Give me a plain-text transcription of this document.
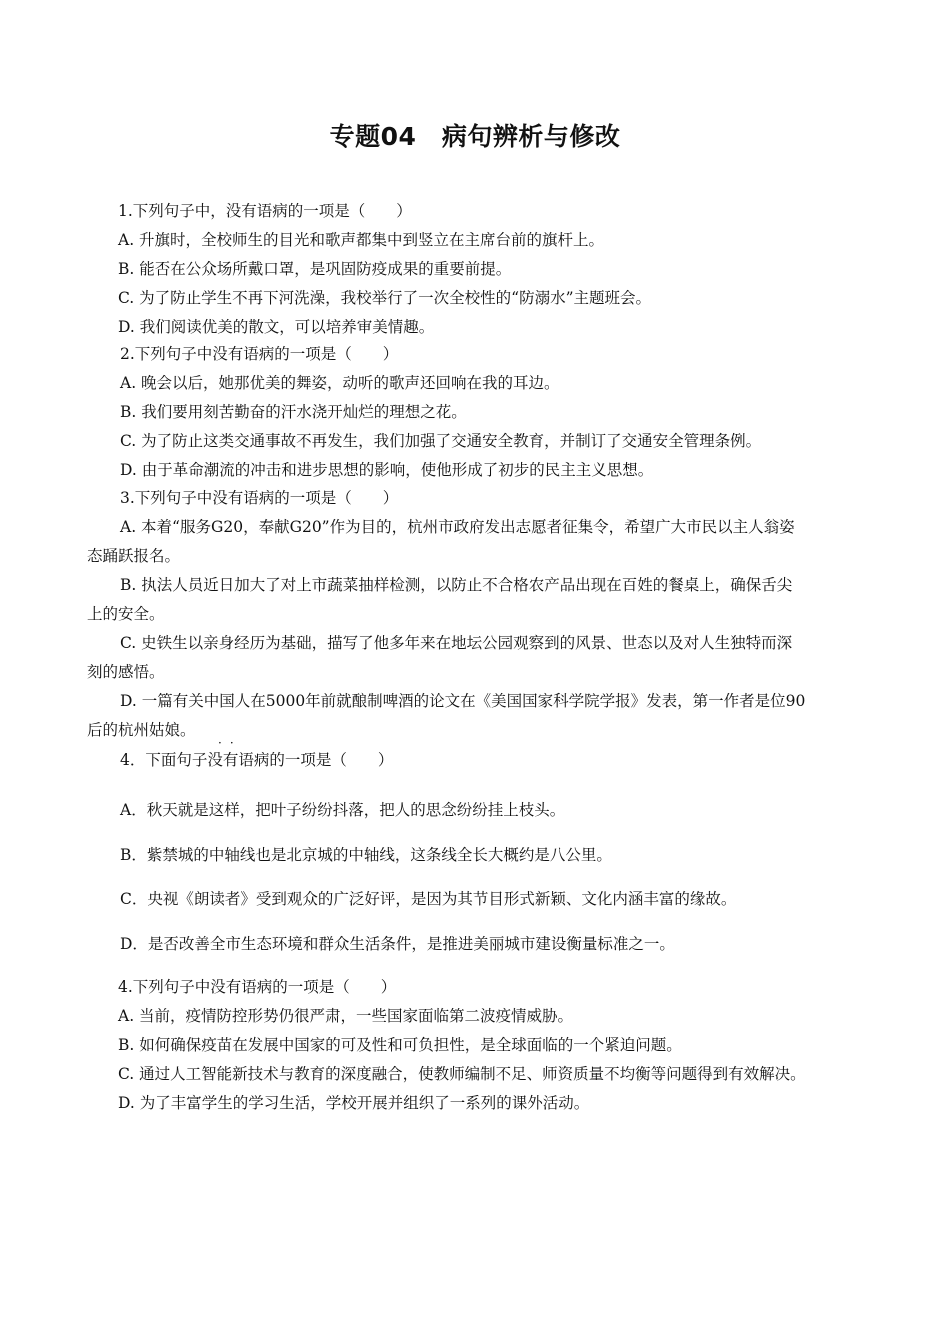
专题04　病句辨析与修改
1.下列句子中，没有语病的一项是（　　）
A. 升旗时，全校师生的目光和歌声都集中到竖立在主席台前的旗杆上。
B. 能否在公众场所戴口罩，是巩固防疫成果的重要前提。
C. 为了防止学生不再下河洗澡，我校举行了一次全校性的“防溺水”主题班会。
D. 我们阅读优美的散文，可以培养审美情趣。
2.下列句子中没有语病的一项是（　　）
A. 晚会以后，她那优美的舞姿，动听的歌声还回响在我的耳边。
B. 我们要用刻苦勤奋的汗水浇开灿烂的理想之花。
C. 为了防止这类交通事故不再发生，我们加强了交通安全教育，并制订了交通安全管理条例。
D. 由于革命潮流的冲击和进步思想的影响，使他形成了初步的民主主义思想。
3.下列句子中没有语病的一项是（　　）
A. 本着“服务G20，奉献G20”作为目的，杭州市政府发出志愿者征集令，希望广大市民以主人翁姿
态踊跃报名。
B. 执法人员近日加大了对上市蔬菜抽样检测，以防止不合格农产品出现在百姓的餐桌上，确保舌尖
上的安全。
C. 史铁生以亲身经历为基础，描写了他多年来在地坛公园观察到的风景、世态以及对人生独特而深
刻的感悟。
D. 一篇有关中国人在5000年前就酿制啤酒的论文在《美国国家科学院学报》发表，第一作者是位90
后的杭州姑娘。
··
4．下面句子没有语病的一项是（　　）
A．秋天就是这样，把叶子纷纷抖落，把人的思念纷纷挂上枝头。
B．紫禁城的中轴线也是北京城的中轴线，这条线全长大概约是八公里。
C．央视《朗读者》受到观众的广泛好评，是因为其节目形式新颖、文化内涵丰富的缘故。
D．是否改善全市生态环境和群众生活条件，是推进美丽城市建设衡量标准之一。
4.下列句子中没有语病的一项是（　　）
A. 当前，疫情防控形势仍很严肃，一些国家面临第二波疫情威胁。
B. 如何确保疫苗在发展中国家的可及性和可负担性，是全球面临的一个紧迫问题。
C. 通过人工智能新技术与教育的深度融合，使教师编制不足、师资质量不均衡等问题得到有效解决。
D. 为了丰富学生的学习生活，学校开展并组织了一系列的课外活动。
